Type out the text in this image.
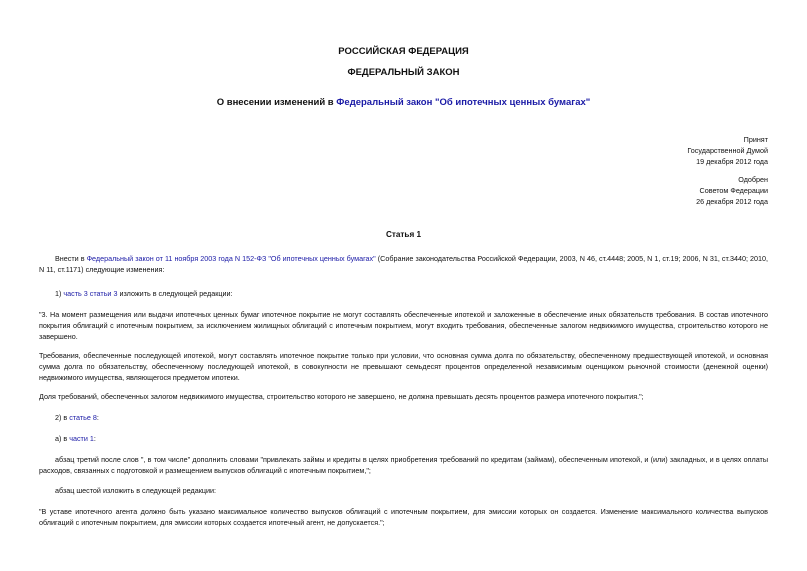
РОССИЙСКАЯ ФЕДЕРАЦИЯ
ФЕДЕРАЛЬНЫЙ ЗАКОН
О внесении изменений в Федеральный закон "Об ипотечных ценных бумагах"
Принят
Государственной Думой
19 декабря 2012 года
Одобрен
Советом Федерации
26 декабря 2012 года
Статья 1
Внести в Федеральный закон от 11 ноября 2003 года N 152-ФЗ "Об ипотечных ценных бумагах" (Собрание законодательства Российской Федерации, 2003, N 46, ст.4448; 2005, N 1, ст.19; 2006, N 31, ст.3440; 2010, N 11, ст.1171) следующие изменения:
1) часть 3 статьи 3 изложить в следующей редакции:
"3. На момент размещения или выдачи ипотечных ценных бумаг ипотечное покрытие не могут составлять обеспеченные ипотекой и заложенные в обеспечение иных обязательств требования. В состав ипотечного покрытия облигаций с ипотечным покрытием, за исключением жилищных облигаций с ипотечным покрытием, могут входить требования, обеспеченные залогом недвижимого имущества, строительство которого не завершено.
Требования, обеспеченные последующей ипотекой, могут составлять ипотечное покрытие только при условии, что основная сумма долга по обязательству, обеспеченному предшествующей ипотекой, и основная сумма долга по обязательству, обеспеченному последующей ипотекой, в совокупности не превышают семьдесят процентов определенной независимым оценщиком рыночной стоимости (денежной оценки) недвижимого имущества, являющегося предметом ипотеки.
Доля требований, обеспеченных залогом недвижимого имущества, строительство которого не завершено, не должна превышать десять процентов размера ипотечного покрытия.";
2) в статье 8:
а) в части 1:
абзац третий после слов ", в том числе" дополнить словами "привлекать займы и кредиты в целях приобретения требований по кредитам (займам), обеспеченным ипотекой, и (или) закладных, и в целях оплаты расходов, связанных с подготовкой и размещением выпусков облигаций с ипотечным покрытием,";
абзац шестой изложить в следующей редакции:
"В уставе ипотечного агента должно быть указано максимальное количество выпусков облигаций с ипотечным покрытием, для эмиссии которых он создается. Изменение максимального количества выпусков облигаций с ипотечным покрытием, для эмиссии которых создается ипотечный агент, не допускается.";
